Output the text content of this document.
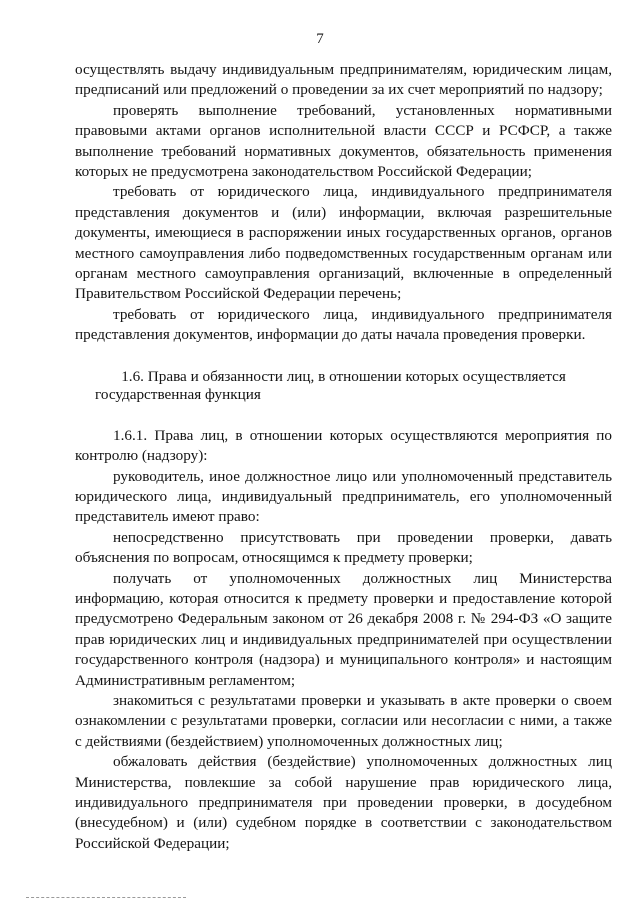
7

осуществлять выдачу индивидуальным предпринимателям, юридическим лицам, предписаний или предложений о проведении за их счет мероприятий по надзору;

проверять выполнение требований, установленных нормативными правовыми актами органов исполнительной власти СССР и РСФСР, а также выполнение требований нормативных документов, обязательность применения которых не предусмотрена законодательством Российской Федерации;

требовать от юридического лица, индивидуального предпринимателя представления документов и (или) информации, включая разрешительные документы, имеющиеся в распоряжении иных государственных органов, органов местного самоуправления либо подведомственных государственным органам или органам местного самоуправления организаций, включенные в определенный Правительством Российской Федерации перечень;

требовать от юридического лица, индивидуального предпринимателя представления документов, информации до даты начала проведения проверки.

1.6. Права и обязанности лиц, в отношении которых осуществляется государственная функция

1.6.1. Права лиц, в отношении которых осуществляются мероприятия по контролю (надзору):

руководитель, иное должностное лицо или уполномоченный представитель юридического лица, индивидуальный предприниматель, его уполномоченный представитель имеют право:

непосредственно присутствовать при проведении проверки, давать объяснения по вопросам, относящимся к предмету проверки;

получать от уполномоченных должностных лиц Министерства информацию, которая относится к предмету проверки и предоставление которой предусмотрено Федеральным законом от 26 декабря 2008 г. № 294-ФЗ «О защите прав юридических лиц и индивидуальных предпринимателей при осуществлении государственного контроля (надзора) и муниципального контроля» и настоящим Административным регламентом;

знакомиться с результатами проверки и указывать в акте проверки о своем ознакомлении с результатами проверки, согласии или несогласии с ними, а также с действиями (бездействием) уполномоченных должностных лиц;

обжаловать действия (бездействие) уполномоченных должностных лиц Министерства, повлекшие за собой нарушение прав юридического лица, индивидуального предпринимателя при проведении проверки, в досудебном (внесудебном) и (или) судебном порядке в соответствии с законодательством Российской Федерации;
